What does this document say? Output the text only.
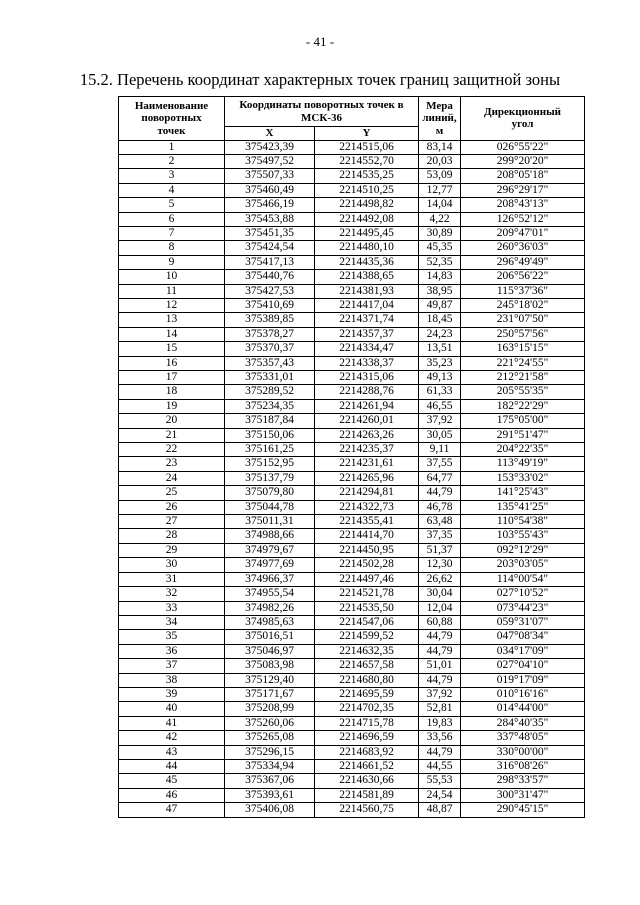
- 41 -
15.2. Перечень координат характерных точек границ защитной зоны
Наименование поворотных точек	Координаты поворотных точек в МСК-36		Мера линий, м	Дирекционный угол
	X	Y		
1	375423,39	2214515,06	83,14	026°55'22"
2	375497,52	2214552,70	20,03	299°20'20"
3	375507,33	2214535,25	53,09	208°05'18"
4	375460,49	2214510,25	12,77	296°29'17"
5	375466,19	2214498,82	14,04	208°43'13"
6	375453,88	2214492,08	4,22	126°52'12"
7	375451,35	2214495,45	30,89	209°47'01"
8	375424,54	2214480,10	45,35	260°36'03"
9	375417,13	2214435,36	52,35	296°49'49"
10	375440,76	2214388,65	14,83	206°56'22"
11	375427,53	2214381,93	38,95	115°37'36"
12	375410,69	2214417,04	49,87	245°18'02"
13	375389,85	2214371,74	18,45	231°07'50"
14	375378,27	2214357,37	24,23	250°57'56"
15	375370,37	2214334,47	13,51	163°15'15"
16	375357,43	2214338,37	35,23	221°24'55"
17	375331,01	2214315,06	49,13	212°21'58"
18	375289,52	2214288,76	61,33	205°55'35"
19	375234,35	2214261,94	46,55	182°22'29"
20	375187,84	2214260,01	37,92	175°05'00"
21	375150,06	2214263,26	30,05	291°51'47"
22	375161,25	2214235,37	9,11	204°22'35"
23	375152,95	2214231,61	37,55	113°49'19"
24	375137,79	2214265,96	64,77	153°33'02"
25	375079,80	2214294,81	44,79	141°25'43"
26	375044,78	2214322,73	46,78	135°41'25"
27	375011,31	2214355,41	63,48	110°54'38"
28	374988,66	2214414,70	37,35	103°55'43"
29	374979,67	2214450,95	51,37	092°12'29"
30	374977,69	2214502,28	12,30	203°03'05"
31	374966,37	2214497,46	26,62	114°00'54"
32	374955,54	2214521,78	30,04	027°10'52"
33	374982,26	2214535,50	12,04	073°44'23"
34	374985,63	2214547,06	60,88	059°31'07"
35	375016,51	2214599,52	44,79	047°08'34"
36	375046,97	2214632,35	44,79	034°17'09"
37	375083,98	2214657,58	51,01	027°04'10"
38	375129,40	2214680,80	44,79	019°17'09"
39	375171,67	2214695,59	37,92	010°16'16"
40	375208,99	2214702,35	52,81	014°44'00"
41	375260,06	2214715,78	19,83	284°40'35"
42	375265,08	2214696,59	33,56	337°48'05"
43	375296,15	2214683,92	44,79	330°00'00"
44	375334,94	2214661,52	44,55	316°08'26"
45	375367,06	2214630,66	55,53	298°33'57"
46	375393,61	2214581,89	24,54	300°31'47"
47	375406,08	2214560,75	48,87	290°45'15"
